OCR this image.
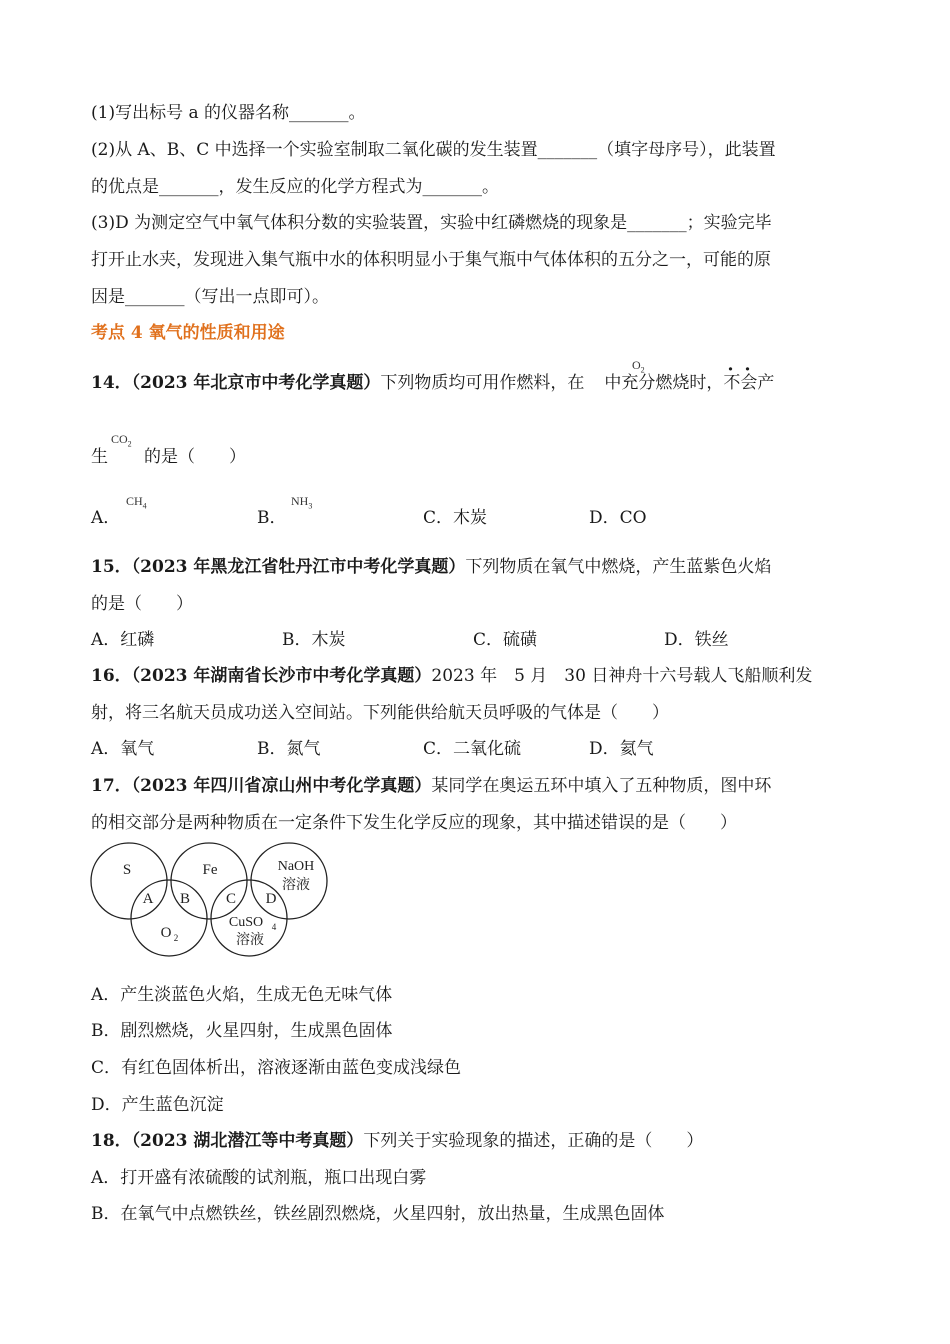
(1)写出标号 a 的仪器名称_______。
(2)从 A、B、C 中选择一个实验室制取二氧化碳的发生装置_______（填字母序号），此装置
的优点是_______，发生反应的化学方程式为_______。
(3)D 为测定空气中氧气体积分数的实验装置，实验中红磷燃烧的现象是_______；实验完毕
打开止水夹，发现进入集气瓶中水的体积明显小于集气瓶中气体体积的五分之一，可能的原
因是_______（写出一点即可）。
考点 4 氧气的性质和用途
14．（2023 年北京市中考化学真题）下列物质均可用作燃料，在 中充分燃烧时，不会产
$O_2$
生 的是（　　）
$CO_2$
A．
$CH_4$
B．
$NH_3$
C．木炭	D．CO
15．（2023 年黑龙江省牡丹江市中考化学真题）下列物质在氧气中燃烧，产生蓝紫色火焰
的是（　　）
A．红磷	B．木炭	C．硫磺	D．铁丝
16．（2023 年湖南省长沙市中考化学真题）2023 年　5 月　30 日神舟十六号载人飞船顺利发
射，将三名航天员成功送入空间站。下列能供给航天员呼吸的气体是（　　）
A．氧气	B．氮气	C．二氧化硫	D．氦气
17．（2023 年四川省凉山州中考化学真题）某同学在奥运五环中填入了五种物质，图中环
的相交部分是两种物质在一定条件下发生化学反应的现象，其中描述错误的是（　　）
S	Fe	NaOH
溶液
A B C D
O 2
CuSO 4
溶液
A．产生淡蓝色火焰，生成无色无味气体
B．剧烈燃烧，火星四射，生成黑色固体
C．有红色固体析出，溶液逐渐由蓝色变成浅绿色
D．产生蓝色沉淀
18．（2023 湖北潜江等中考真题）下列关于实验现象的描述，正确的是（　　）
A．打开盛有浓硫酸的试剂瓶，瓶口出现白雾
B．在氧气中点燃铁丝，铁丝剧烈燃烧，火星四射，放出热量，生成黑色固体
